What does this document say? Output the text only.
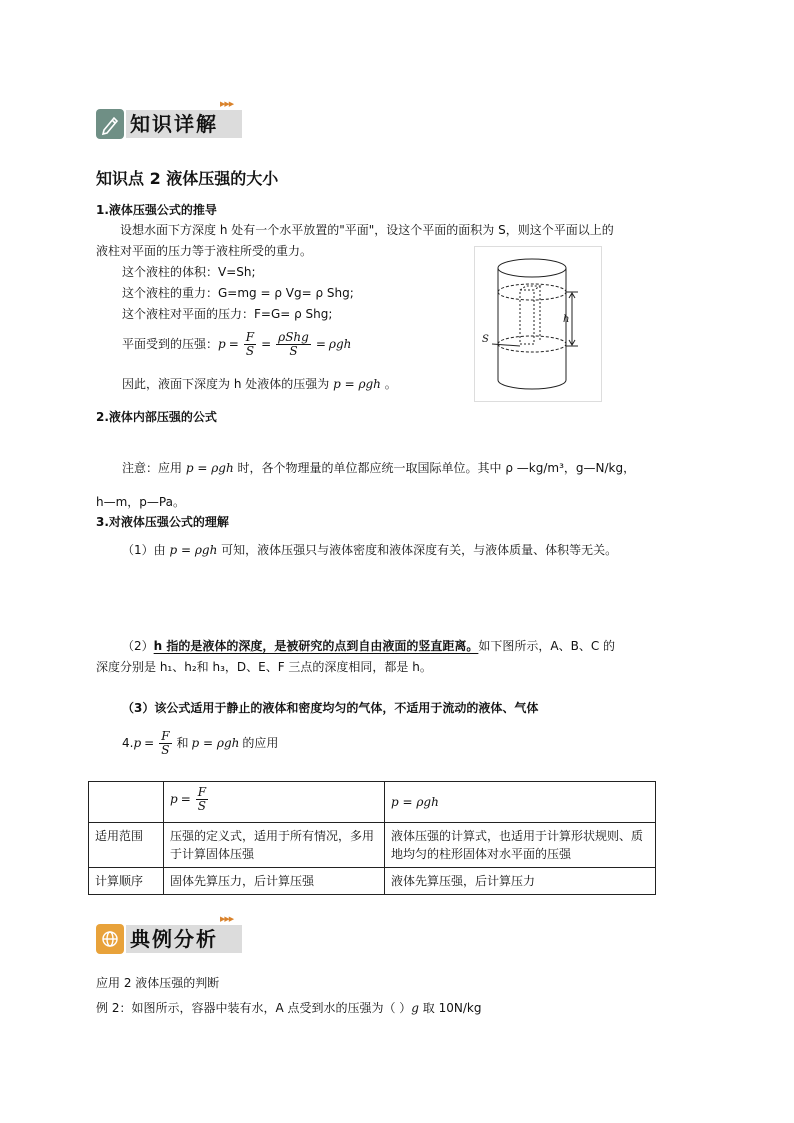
知识详解
▶▶▶
知识点 2 液体压强的大小
1.液体压强公式的推导
设想水面下方深度 h 处有一个水平放置的"平面"，设这个平面的面积为 S，则这个平面以上的
液柱对平面的压力等于液柱所受的重力。
这个液柱的体积：V=Sh;
这个液柱的重力：G=mg = ρ Vg= ρ Shg;
这个液柱对平面的压力：F=G= ρ Shg;
平面受到的压强： $p = \frac{F}{S} = \frac{\text{ρShg}}{S} = \rho gh$
因此，液面下深度为 h 处液体的压强为 p = ρgh 。
S
h
2.液体内部压强的公式
注意：应用 p = ρgh 时，各个物理量的单位都应统一取国际单位。其中 ρ —kg/m³，g—N/kg，
h—m，p—Pa。
3.对液体压强公式的理解
（1）由 p = ρgh 可知，液体压强只与液体密度和液体深度有关，与液体质量、体积等无关。
（2）h 指的是液体的深度，是被研究的点到自由液面的竖直距离。如下图所示，A、B、C 的
深度分别是 h₁、h₂和 h₃，D、E、F 三点的深度相同，都是 h。
（3）该公式适用于静止的液体和密度均匀的气体，不适用于流动的液体、气体
4. $p = \frac{F}{S}$ 和 p = ρgh 的应用
	$p = \frac{F}{S}$	p = ρgh
适用范围	压强的定义式，适用于所有情况，多用于计算固体压强	液体压强的计算式，也适用于计算形状规则、质地均匀的柱形固体对水平面的压强
计算顺序	固体先算压力，后计算压强	液体先算压强，后计算压力
典例分析
▶▶▶
应用 2 液体压强的判断
例 2：如图所示，容器中装有水，A 点受到水的压强为（ ）g 取 10N/kg
